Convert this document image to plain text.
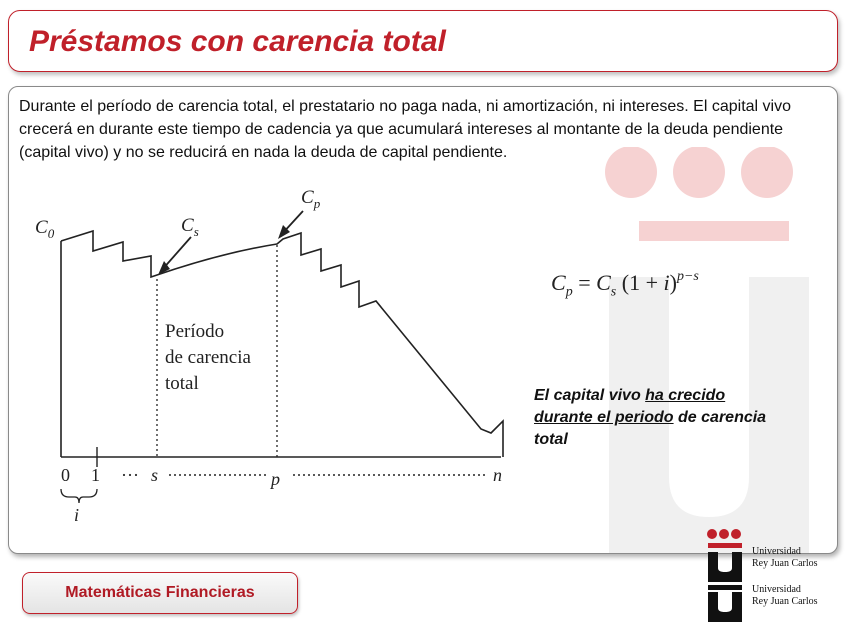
Préstamos con carencia total
Durante el período de carencia total, el prestatario no paga nada, ni amortización, ni intereses. El capital vivo crecerá en durante este tiempo de cadencia ya que acumulará intereses al montante de la deuda pendiente (capital vivo) y no se reducirá en nada la deuda de capital pendiente.
$C_0$	$C_s$
$C_p$
Período
de carencia
total
0 1 ··· s	p	n
i
$C_p = C_s$ $(1 + i)^{p-s}$
El capital vivo ha crecido durante el periodo de carencia total
Matemáticas Financieras
Universidad
Rey Juan Carlos
Universidad
Rey Juan Carlos
